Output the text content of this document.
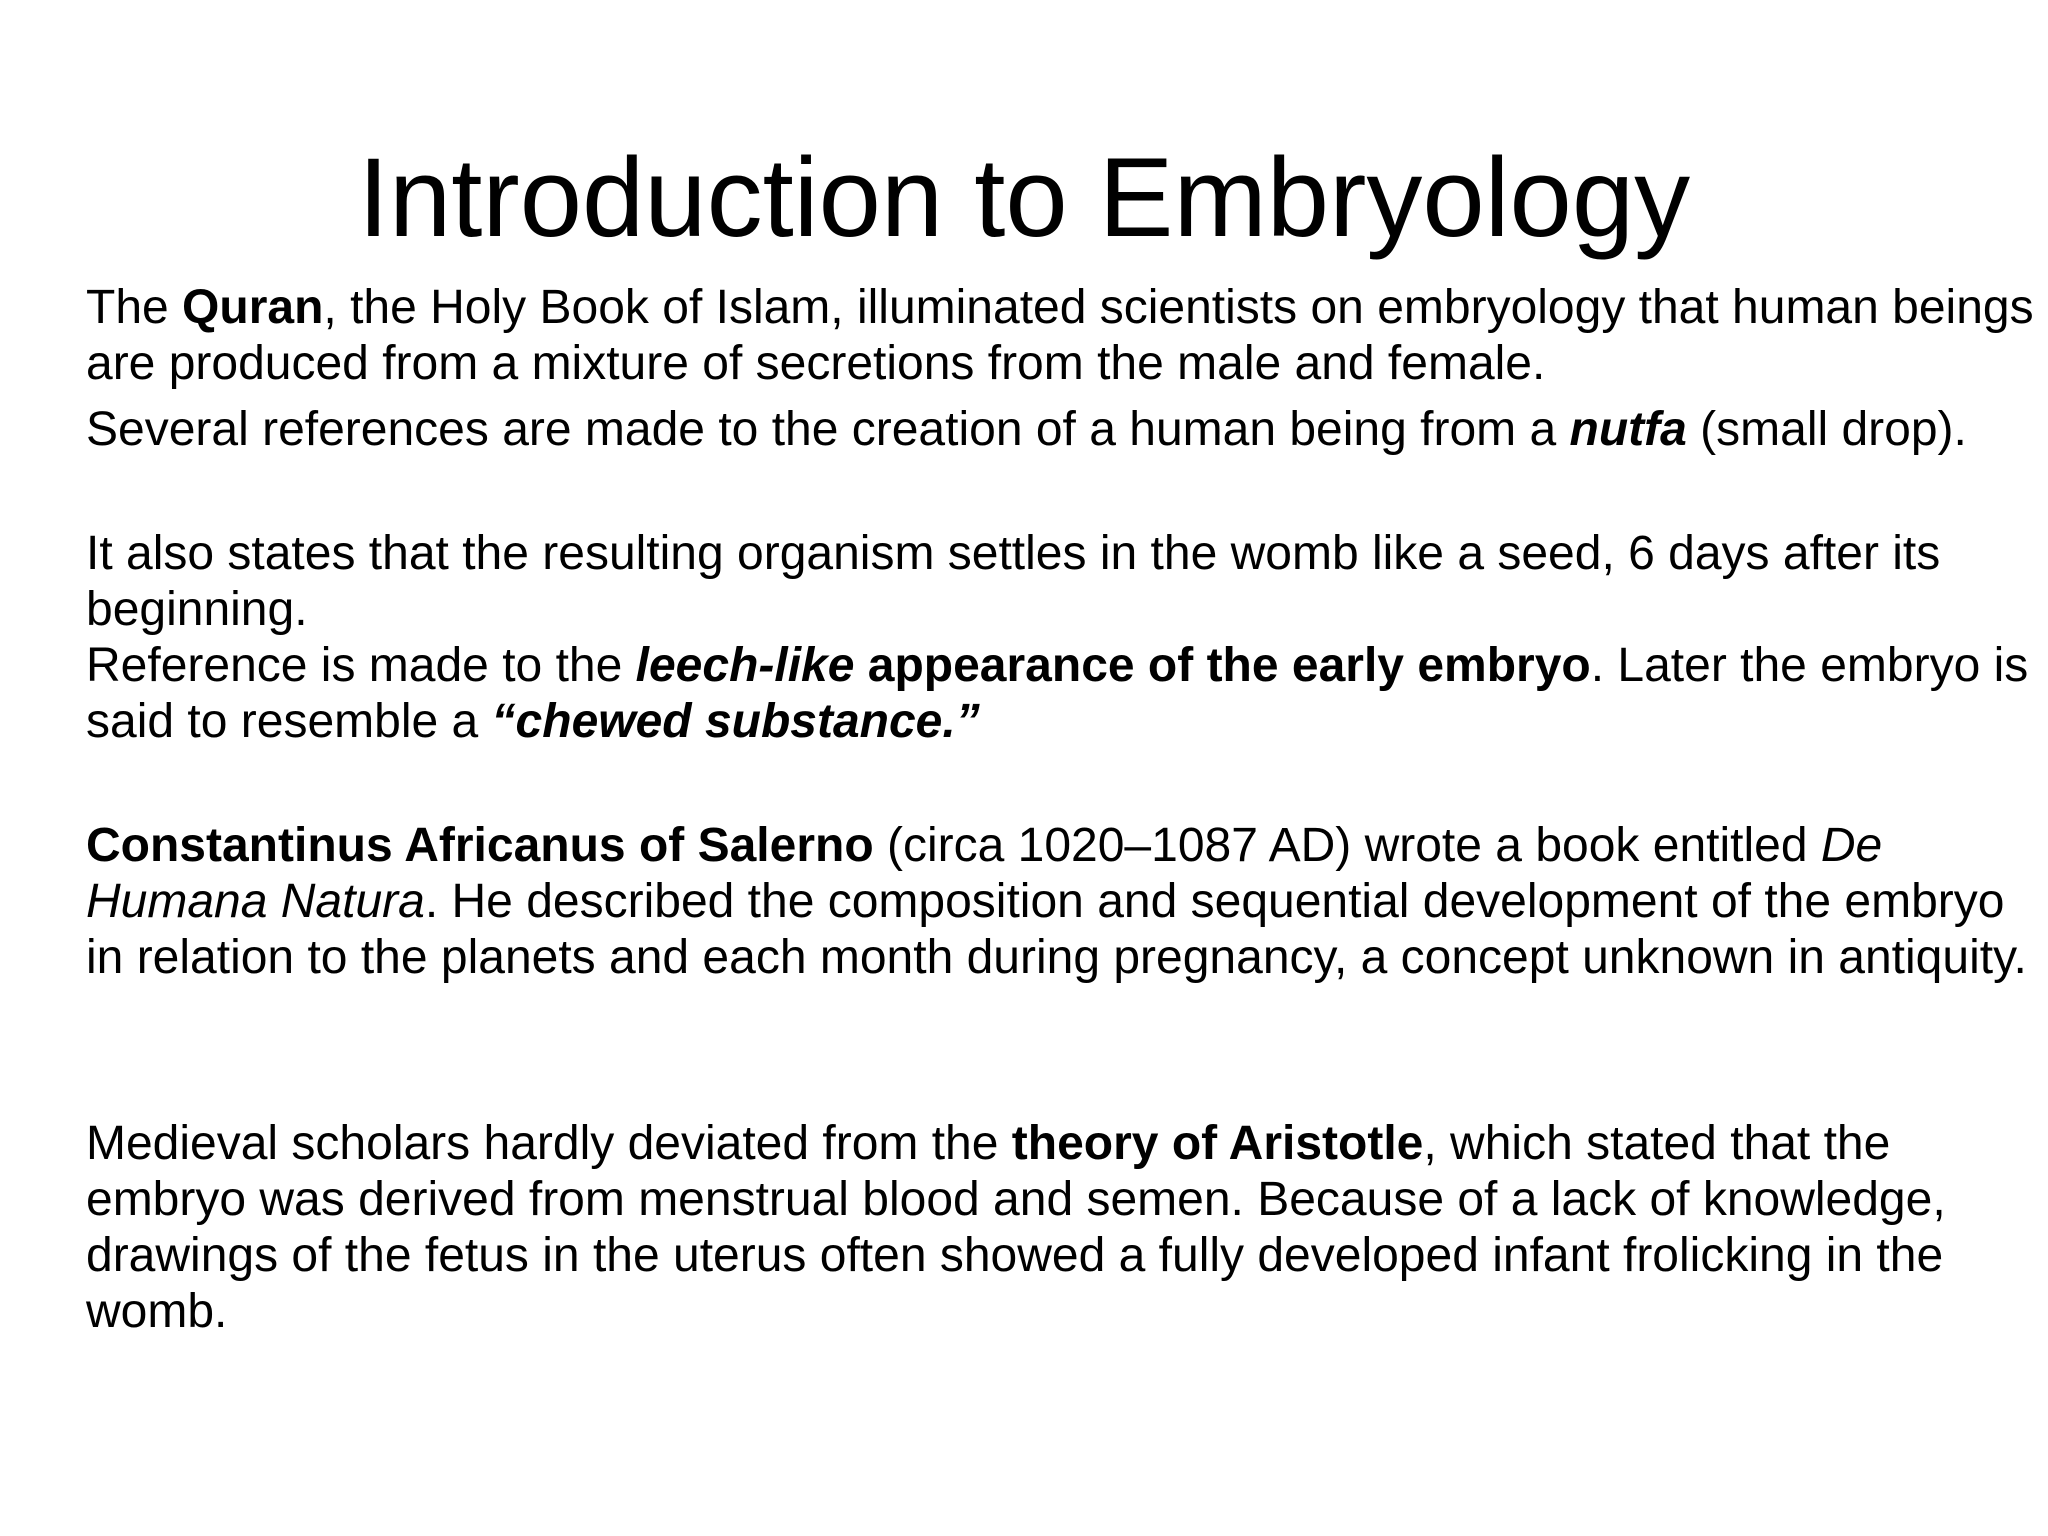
Introduction to Embryology

The Quran, the Holy Book of Islam, illuminated scientists on embryology that human beings are produced from a mixture of secretions from the male and female.

Several references are made to the creation of a human being from a nutfa (small drop).

It also states that the resulting organism settles in the womb like a seed, 6 days after its beginning.
Reference is made to the leech-like appearance of the early embryo. Later the embryo is said to resemble a “chewed substance.”

Constantinus Africanus of Salerno (circa 1020–1087 AD) wrote a book entitled De Humana Natura. He described the composition and sequential development of the embryo in relation to the planets and each month during pregnancy, a concept unknown in antiquity.

Medieval scholars hardly deviated from the theory of Aristotle, which stated that the embryo was derived from menstrual blood and semen. Because of a lack of knowledge, drawings of the fetus in the uterus often showed a fully developed infant frolicking in the womb.
